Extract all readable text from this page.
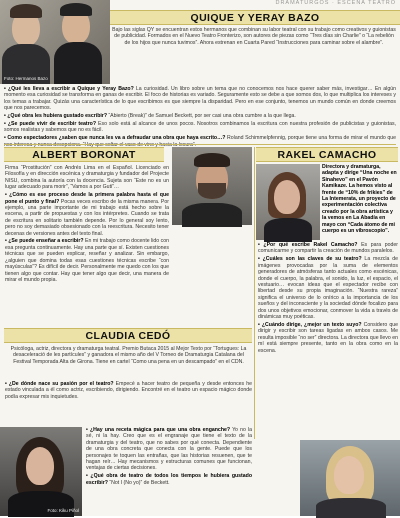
DRAMATURGOS · ESCENA TEATRO
Foto: Hermanos Bazo
QUIQUE Y YERAY BAZO

Bajo las siglas QY se encuentran estos hermanos que combinan su labor teatral con su trabajo como creativos y guionistas de publicidad. Formados en el Nuevo Teatro Fronterizo, son autores de piezas como “Tres días sin Charlie” o “La rebelión de los hijos que nunca tuvimos”. Ahora estrenan en Cuarta Pared “Instrucciones para caminar sobre el alambre”.

• ¿Qué les lleva a escribir a Quique y Yeray Bazo? La curiosidad. Un libro sobre un tema que no conocemos nos hace querer saber más, investigar… En algún momento esa curiosidad se transforma en ganas de escribir. El foco de historias es variado. Seguramente esto se debe a que somos dos, lo que multiplica los intereses y los temas a trabajar. Quizás una característica de lo que escribimos es que siempre la disparidad. Pero en ese conjunto, tenemos un mundo común en donde creemos que nos parecemos.

• ¿Qué obra les hubiera gustado escribir? “Abierto (Break)” de Samuel Beckett, por ser casi una obra cumbre a la que llega.

• ¿Se puede vivir de escribir teatro? Eso solo está al alcance de unos pocos. Nosotros combinamos la escritura con nuestra profesión de publicistas y guionistas, somos realistas y sabemos que no es fácil.

• Como espectadores ¿saben que nunca les va a defraudar una obra que haya escrito…? Roland Schimmelpfennig, porque tiene una forma de mirar el mundo que

ALBERT BORONAT

Firma “Prostitución” con Andrés Lima en el Español. Licenciado en Filosofía y en dirección escénica y dramaturgia y fundador del Projecte NISU, combina la autoría con la docencia. Sujeta son “Este no es un lugar adecuado para morir”, “Vamos a por Guti”…

• ¿Cómo es ese proceso desde la primera palabra hasta el que pone el punto y final? Pocas veces escribo de la misma manera. Por ejemplo, una parte importante de mi trabajo está hecho sobre la escena, a partir de propuestas y con los intérpretes. Cuando se trata de escritura en solitario también depende. Por lo general soy lento, pero no soy demasiado obsesionado con la reescritura. Necesito tener decenas de versiones antes del texto final.

• ¿Se puede enseñar a escribir? En mi trabajo como docente lido con esa pregunta continuamente. Hay una parte que sí. Existen cuestiones técnicas que se pueden explicar, reseñar y analizar. Sin embargo, ¿alguien que domina todas esas cuestiones técnicas escribe “con mayúsculas”? Es difícil de decir. Personalmente me quedo con los que tienen algo que contar. Hay que tener algo que decir, una manera de mirar el mundo propia.

RAKEL CAMACHO

Directora y dramaturga, adapta y dirige “Una noche en Sinahevo” en el Pavón Kamikaze. La hemos visto al frente de “10% de frikies” de La Intemerata, un proyecto de experimentación colectiva creado por la obra artística y la vemos en La Abadía en mayo con “Cada átomo de mi cuerpo es un vibroscopio”.

• ¿Por qué escribe Rakel Camacho? Es para poder comunicarme y compartir la creación de mundos paralelos.

• ¿Cuáles son las claves de su teatro? La mezcla de imágenes provocadas por la suma de elementos generadores de atmósferas tanto actuales como escénicas, donde el cuerpo, la palabra, el sonido, la luz, el espacio, el vestuario… evocan ideas que el espectador recibe con libertad desde su propia imaginación. “Nuestra rareza” significa el universo de lo onírico a la importancia de los sueños y del inconsciente y la sociedad dónde focalizo para dos unos objetivos emocionar, conmover la vida a través de dinámicas muy poéticas.

• ¿Cuándo dirige, ¿mejor un texto suyo? Considero que dirigir y escribir son tareas ligadas en ambos casos. Me resulta imposible “no ser” directora. La directora que llevo en mí está siempre presente, tanto en la obra como en la escena.

CLAUDIA CEDÓ

Psicóloga, actriz, directora y dramaturga teatral. Premio Butaca 2015 al Mejor Texto por “Tortugues: La desaceleració de les partícules” y ganadora el mismo año del V Torneo de Dramaturgia Catalana del Festival Temporada Alta de Girona. Tiene en cartel “Como una pena en un descampado” en el CDN.

• ¿De dónde nace su pasión por el teatro? Empecé a hacer teatro de pequeña y desde entonces he estado vinculada a él como actriz, escribiendo, dirigiendo. Encontré en el teatro un espacio mágico donde podía expresar mis inquietudes.

Foto: Kiku Piñol

• ¿Hay una receta mágica para que una obra enganche? Yo no la sé, ni la hay. Creo que es el engranaje que tiene el texto de la dramaturgia y del teatro, que no sabes por qué conecta. Dependiente de una obra concreta que conecta con la gente. Puede que los personajes te toquen las entrañas, que las historias resuenen, que te hagan reír… Hay mecanismos y estructuras comunes que funcionan, ventajas de ciertas decisiones.

• ¿Qué obra de teatro de todos los tiempos le hubiera gustado escribir? “Not I (No yo)” de Beckett.
